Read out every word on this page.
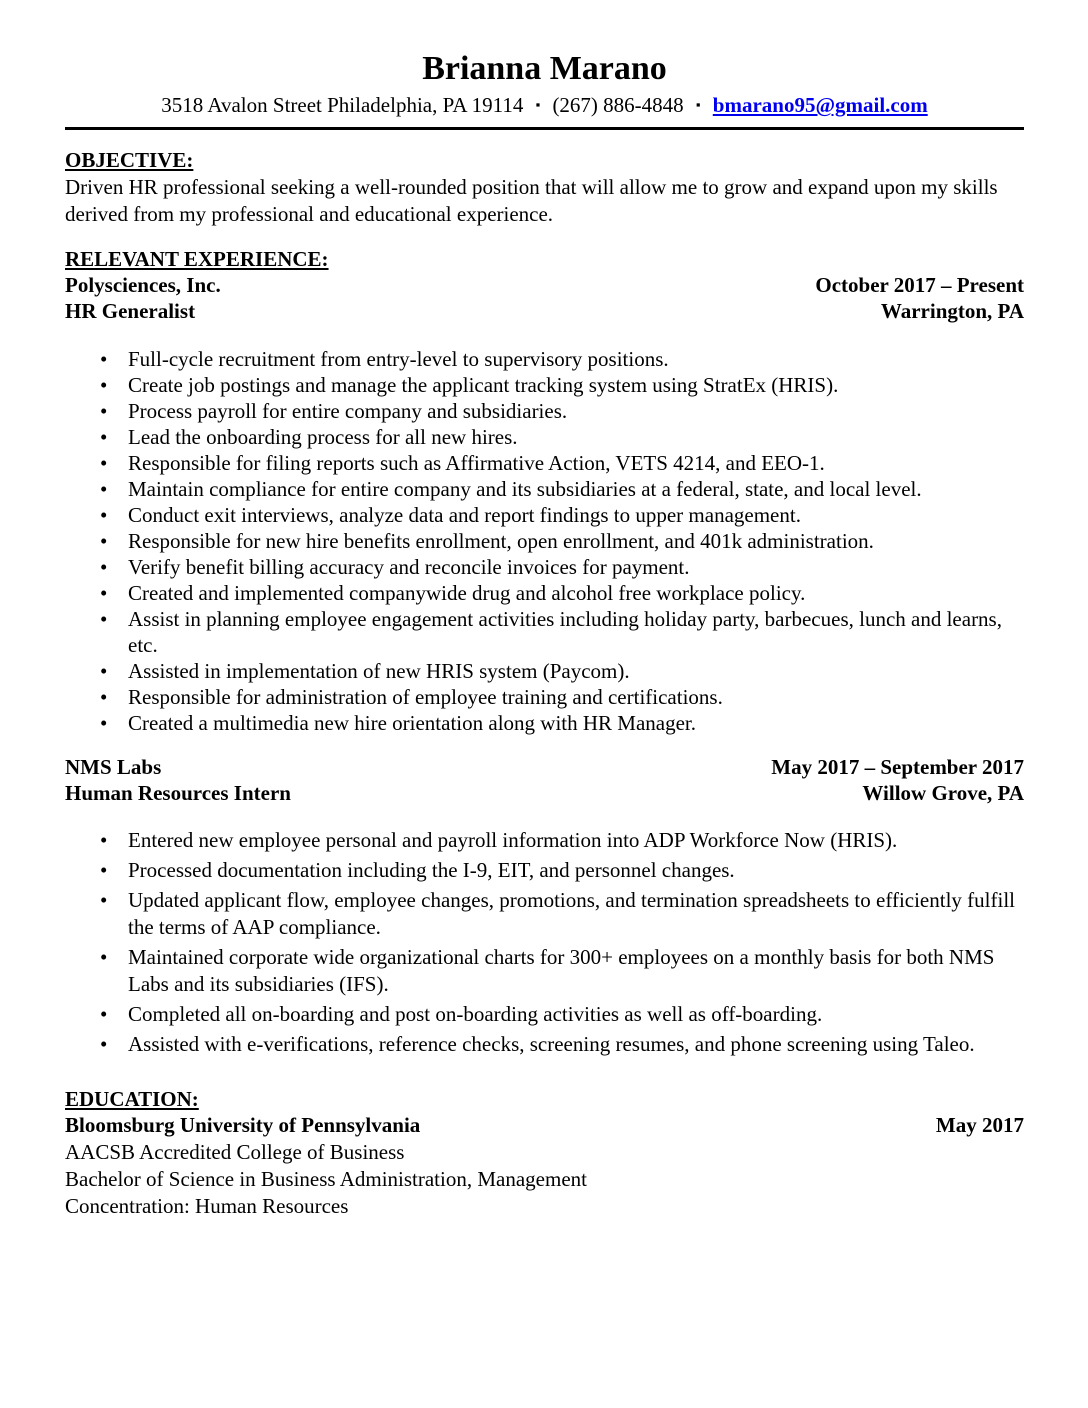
Brianna Marano
3518 Avalon Street Philadelphia, PA 19114 ▪ (267) 886-4848 ▪ bmarano95@gmail.com
OBJECTIVE:

Driven HR professional seeking a well-rounded position that will allow me to grow and expand upon my skills derived from my professional and educational experience.

RELEVANT EXPERIENCE:
Polysciences, Inc.	October 2017 – Present
HR Generalist	Warrington, PA
• Full-cycle recruitment from entry-level to supervisory positions.
• Create job postings and manage the applicant tracking system using StratEx (HRIS).
• Process payroll for entire company and subsidiaries.
• Lead the onboarding process for all new hires.
• Responsible for filing reports such as Affirmative Action, VETS 4214, and EEO-1.
• Maintain compliance for entire company and its subsidiaries at a federal, state, and local level.
• Conduct exit interviews, analyze data and report findings to upper management.
• Responsible for new hire benefits enrollment, open enrollment, and 401k administration.
• Verify benefit billing accuracy and reconcile invoices for payment.
• Created and implemented companywide drug and alcohol free workplace policy.
• Assist in planning employee engagement activities including holiday party, barbecues, lunch and learns, etc.
• Assisted in implementation of new HRIS system (Paycom).
• Responsible for administration of employee training and certifications.
• Created a multimedia new hire orientation along with HR Manager.
NMS Labs	May 2017 – September 2017
Human Resources Intern	Willow Grove, PA
• Entered new employee personal and payroll information into ADP Workforce Now (HRIS).
• Processed documentation including the I-9, EIT, and personnel changes.
• Updated applicant flow, employee changes, promotions, and termination spreadsheets to efficiently fulfill the terms of AAP compliance.
• Maintained corporate wide organizational charts for 300+ employees on a monthly basis for both NMS Labs and its subsidiaries (IFS).
• Completed all on-boarding and post on-boarding activities as well as off-boarding.
• Assisted with e-verifications, reference checks, screening resumes, and phone screening using Taleo.
EDUCATION:
Bloomsburg University of Pennsylvania	May 2017
AACSB Accredited College of Business
Bachelor of Science in Business Administration, Management
Concentration: Human Resources
